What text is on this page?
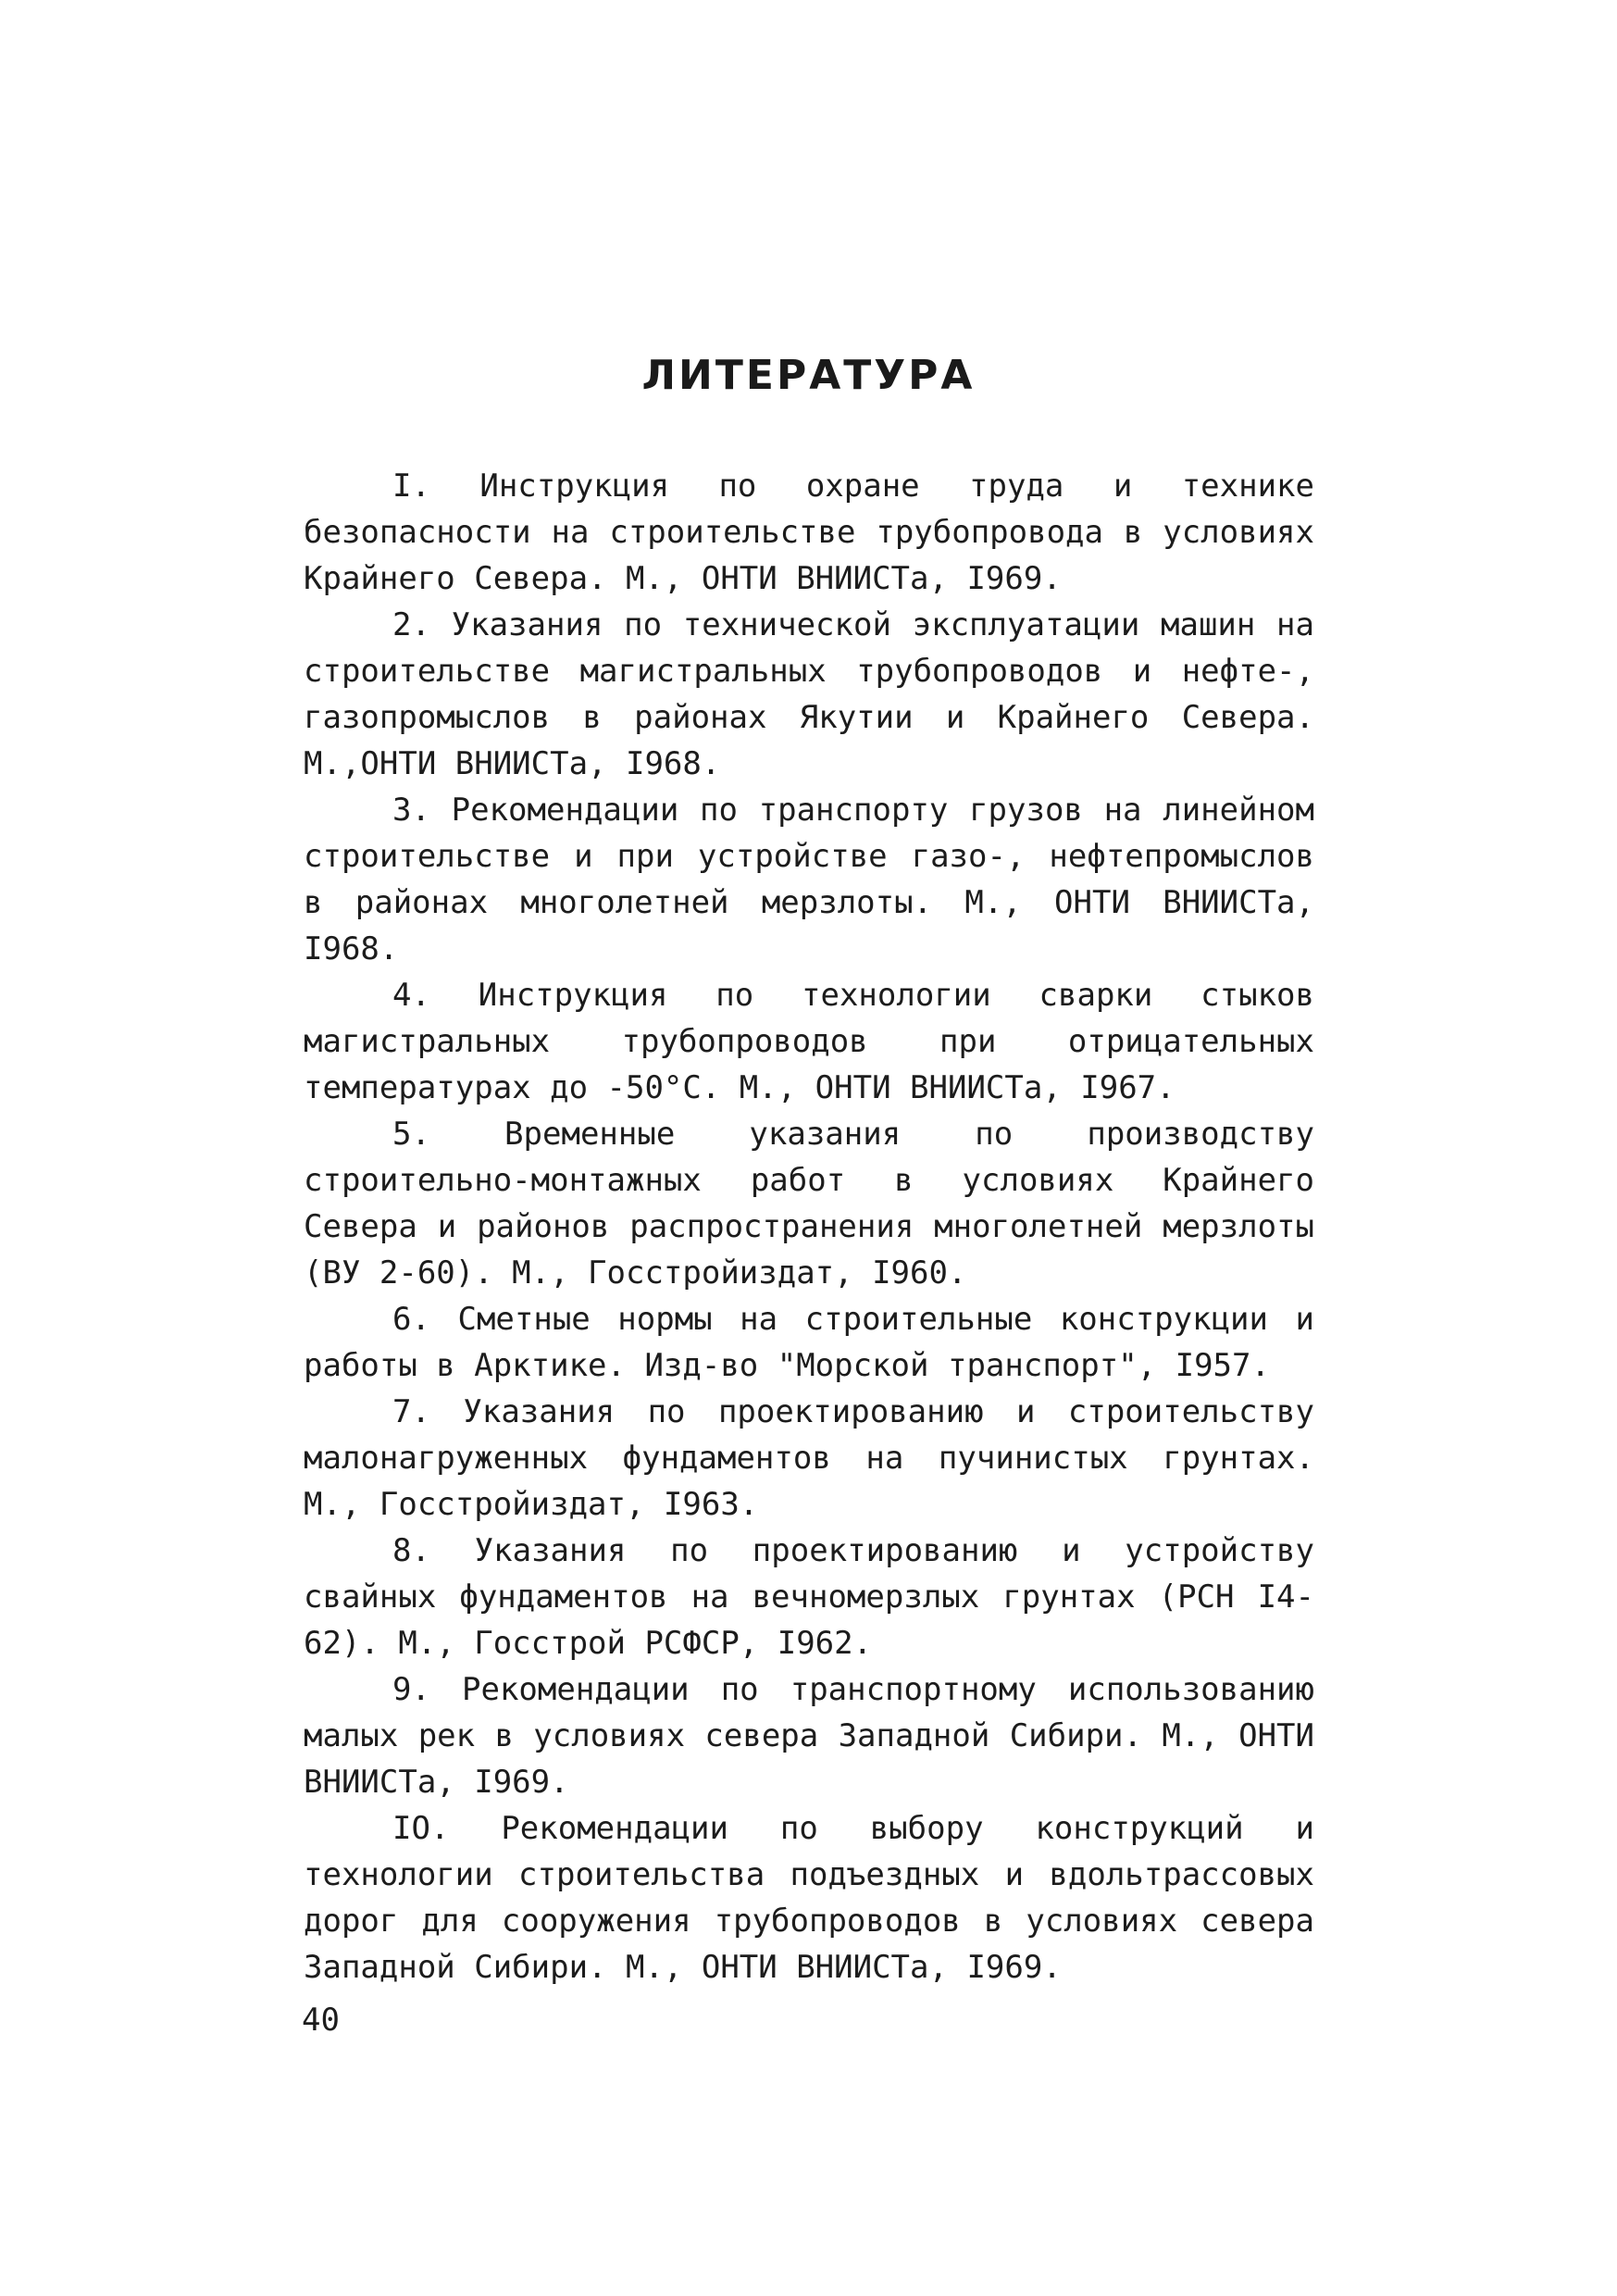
ЛИТЕРАТУРА
I. Инструкция по охране труда и технике безопасности на строительстве трубопровода в условиях Крайнего Севера. М., ОНТИ ВНИИСТа, I969.
2. Указания по технической эксплуатации машин на строительстве магистральных трубопроводов и нефте-, газопромыслов в районах Якутии и Крайнего Севера. М.,ОНТИ ВНИИСТа, I968.
3. Рекомендации по транспорту грузов на линейном строительстве и при устройстве газо-, нефтепромыслов в районах многолетней мерзлоты. М., ОНТИ ВНИИСТа, I968.
4. Инструкция по технологии сварки стыков магистральных трубопроводов при отрицательных температурах до -50°С. М., ОНТИ ВНИИСТа, I967.
5. Временные указания по производству строительно-монтажных работ в условиях Крайнего Севера и районов распространения многолетней мерзлоты (ВУ 2-60). М., Госстройиздат, I960.
6. Сметные нормы на строительные конструкции и работы в Арктике. Изд-во "Морской транспорт", I957.
7. Указания по проектированию и строительству малонагруженных фундаментов на пучинистых грунтах. М., Госстройиздат, I963.
8. Указания по проектированию и устройству свайных фундаментов на вечномерзлых грунтах (РСН I4-62). М., Госстрой РСФСР, I962.
9. Рекомендации по транспортному использованию малых рек в условиях севера Западной Сибири. М., ОНТИ ВНИИСТа, I969.
IO. Рекомендации по выбору конструкций и технологии строительства подъездных и вдольтрассовых дорог для сооружения трубопроводов в условиях севера Западной Сибири. М., ОНТИ ВНИИСТа, I969.
40
